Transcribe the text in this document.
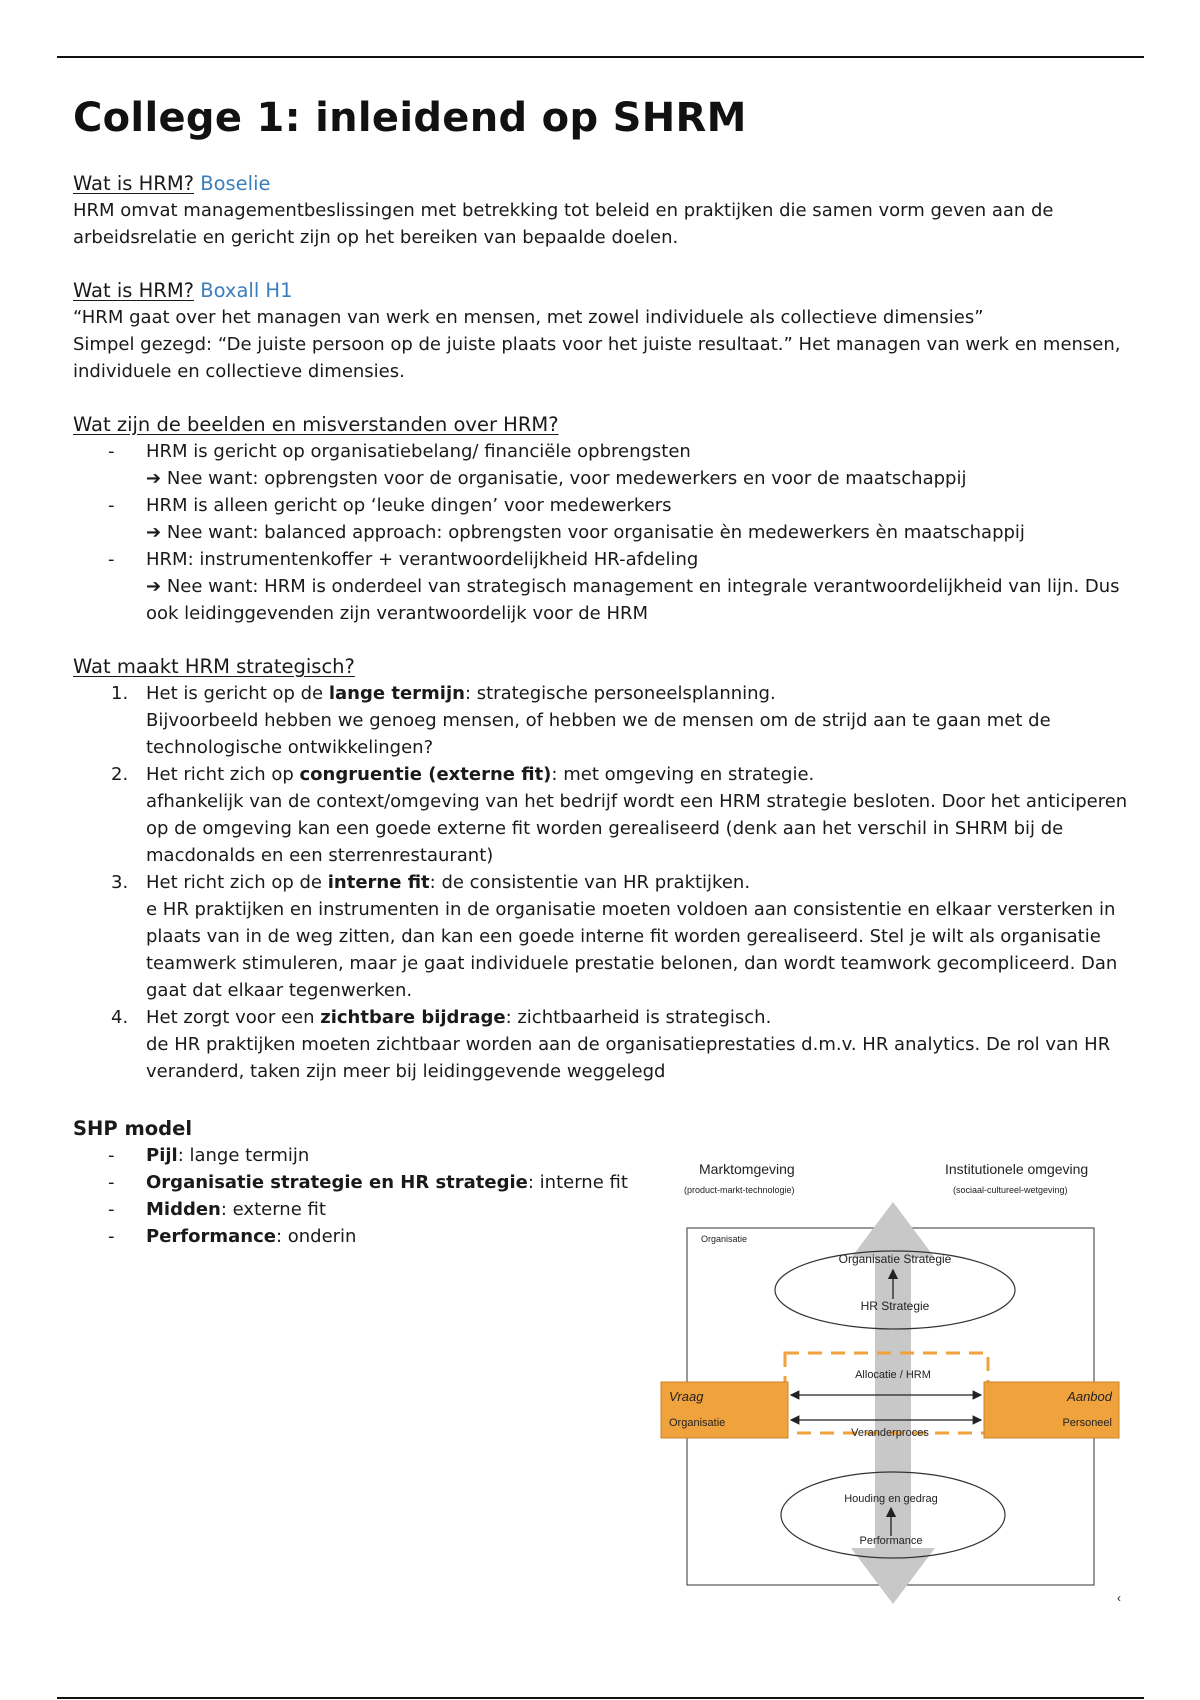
College 1: inleidend op SHRM
Wat is HRM? Boselie

HRM omvat managementbeslissingen met betrekking tot beleid en praktijken die samen vorm geven aan de arbeidsrelatie en gericht zijn op het bereiken van bepaalde doelen.

Wat is HRM? Boxall H1

“HRM gaat over het managen van werk en mensen, met zowel individuele als collectieve dimensies”

Simpel gezegd: “De juiste persoon op de juiste plaats voor het juiste resultaat.” Het managen van werk en mensen, individuele en collectieve dimensies.

Wat zijn de beelden en misverstanden over HRM?
- HRM is gericht op organisatiebelang/ financiële opbrengsten
➔ Nee want: opbrengsten voor de organisatie, voor medewerkers en voor de maatschappij
- HRM is alleen gericht op ‘leuke dingen’ voor medewerkers
➔ Nee want: balanced approach: opbrengsten voor organisatie èn medewerkers èn maatschappij
- HRM: instrumentenkoffer + verantwoordelijkheid HR-afdeling
➔ Nee want: HRM is onderdeel van strategisch management en integrale verantwoordelijkheid van lijn. Dus ook leidinggevenden zijn verantwoordelijk voor de HRM
Wat maakt HRM strategisch?
1. Het is gericht op de lange termijn: strategische personeelsplanning.
Bijvoorbeeld hebben we genoeg mensen, of hebben we de mensen om de strijd aan te gaan met de technologische ontwikkelingen?
2. Het richt zich op congruentie (externe fit): met omgeving en strategie.
afhankelijk van de context/omgeving van het bedrijf wordt een HRM strategie besloten. Door het anticiperen op de omgeving kan een goede externe fit worden gerealiseerd (denk aan het verschil in SHRM bij de macdonalds en een sterrenrestaurant)
3. Het richt zich op de interne fit: de consistentie van HR praktijken.
e HR praktijken en instrumenten in de organisatie moeten voldoen aan consistentie en elkaar versterken in plaats van in de weg zitten, dan kan een goede interne fit worden gerealiseerd. Stel je wilt als organisatie teamwerk stimuleren, maar je gaat individuele prestatie belonen, dan wordt teamwork gecompliceerd. Dan gaat dat elkaar tegenwerken.
4. Het zorgt voor een zichtbare bijdrage: zichtbaarheid is strategisch.
de HR praktijken moeten zichtbaar worden aan de organisatieprestaties d.m.v. HR analytics. De rol van HR veranderd, taken zijn meer bij leidinggevende weggelegd
SHP model
- Pijl: lange termijn
- Organisatie strategie en HR strategie: interne fit
- Midden: externe fit
- Performance: onderin
Marktomgeving
(product-markt-technologie)
Institutionele omgeving
(sociaal-cultureel-wetgeving)
Organisatie
Organisatie Strategie
HR Strategie
Vraag
Organisatie
Aanbod
Personeel
Allocatie / HRM
Veranderproces
Houding en gedrag
Performance
‹
